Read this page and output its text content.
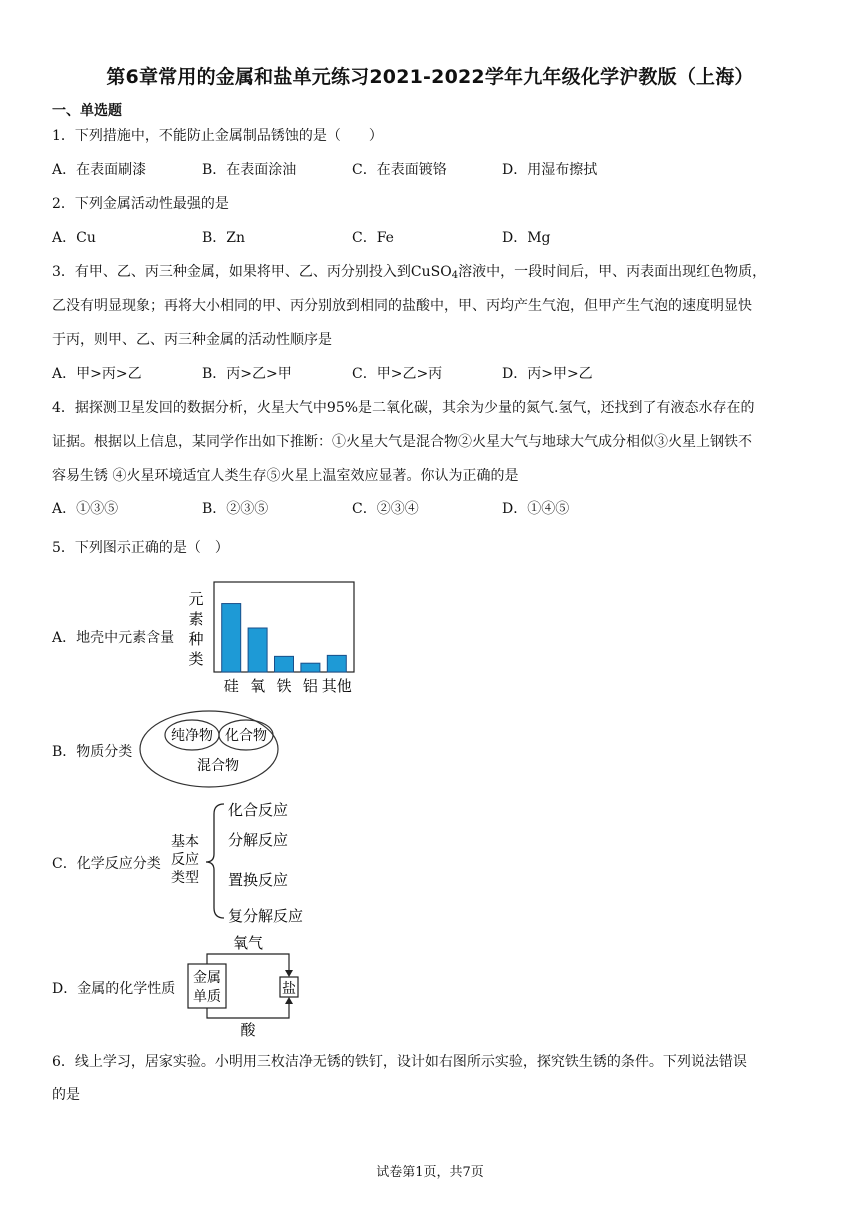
第6章常用的金属和盐单元练习2021-2022学年九年级化学沪教版（上海）
一、单选题
1．下列措施中，不能防止金属制品锈蚀的是（　　）
A．在表面刷漆	B．在表面涂油	C．在表面镀铬	D．用湿布擦拭
2．下列金属活动性最强的是
A．Cu	B．Zn	C．Fe	D．Mg
3．有甲、乙、丙三种金属，如果将甲、乙、丙分别投入到CuSO$_4$溶液中，一段时间后，甲、丙表面出现红色物质，
乙没有明显现象；再将大小相同的甲、丙分别放到相同的盐酸中，甲、丙均产生气泡，但甲产生气泡的速度明显快
于丙，则甲、乙、丙三种金属的活动性顺序是
A．甲>丙>乙	B．丙>乙>甲	C．甲>乙>丙	D．丙>甲>乙
4．据探测卫星发回的数据分析，火星大气中95%是二氧化碳，其余为少量的氮气.氢气，还找到了有液态水存在的
证据。根据以上信息，某同学作出如下推断：①火星大气是混合物②火星大气与地球大气成分相似③火星上钢铁不
容易生锈 ④火星环境适宜人类生存⑤火星上温室效应显著。你认为正确的是
A．①③⑤	B．②③⑤	C．②③④	D．①④⑤
5．下列图示正确的是（　）
A．地壳中元素含量
元
素
种
类
硅 氧 铁 铝 其他
B．物质分类
纯净物 化合物
混合物
C．化学反应分类
基本
反应
类型
化合反应
分解反应
置换反应
复分解反应
D．金属的化学性质
氧气
金属
单质	盐
酸
6．线上学习，居家实验。小明用三枚洁净无锈的铁钉，设计如右图所示实验，探究铁生锈的条件。下列说法错误
的是
试卷第1页，共7页
